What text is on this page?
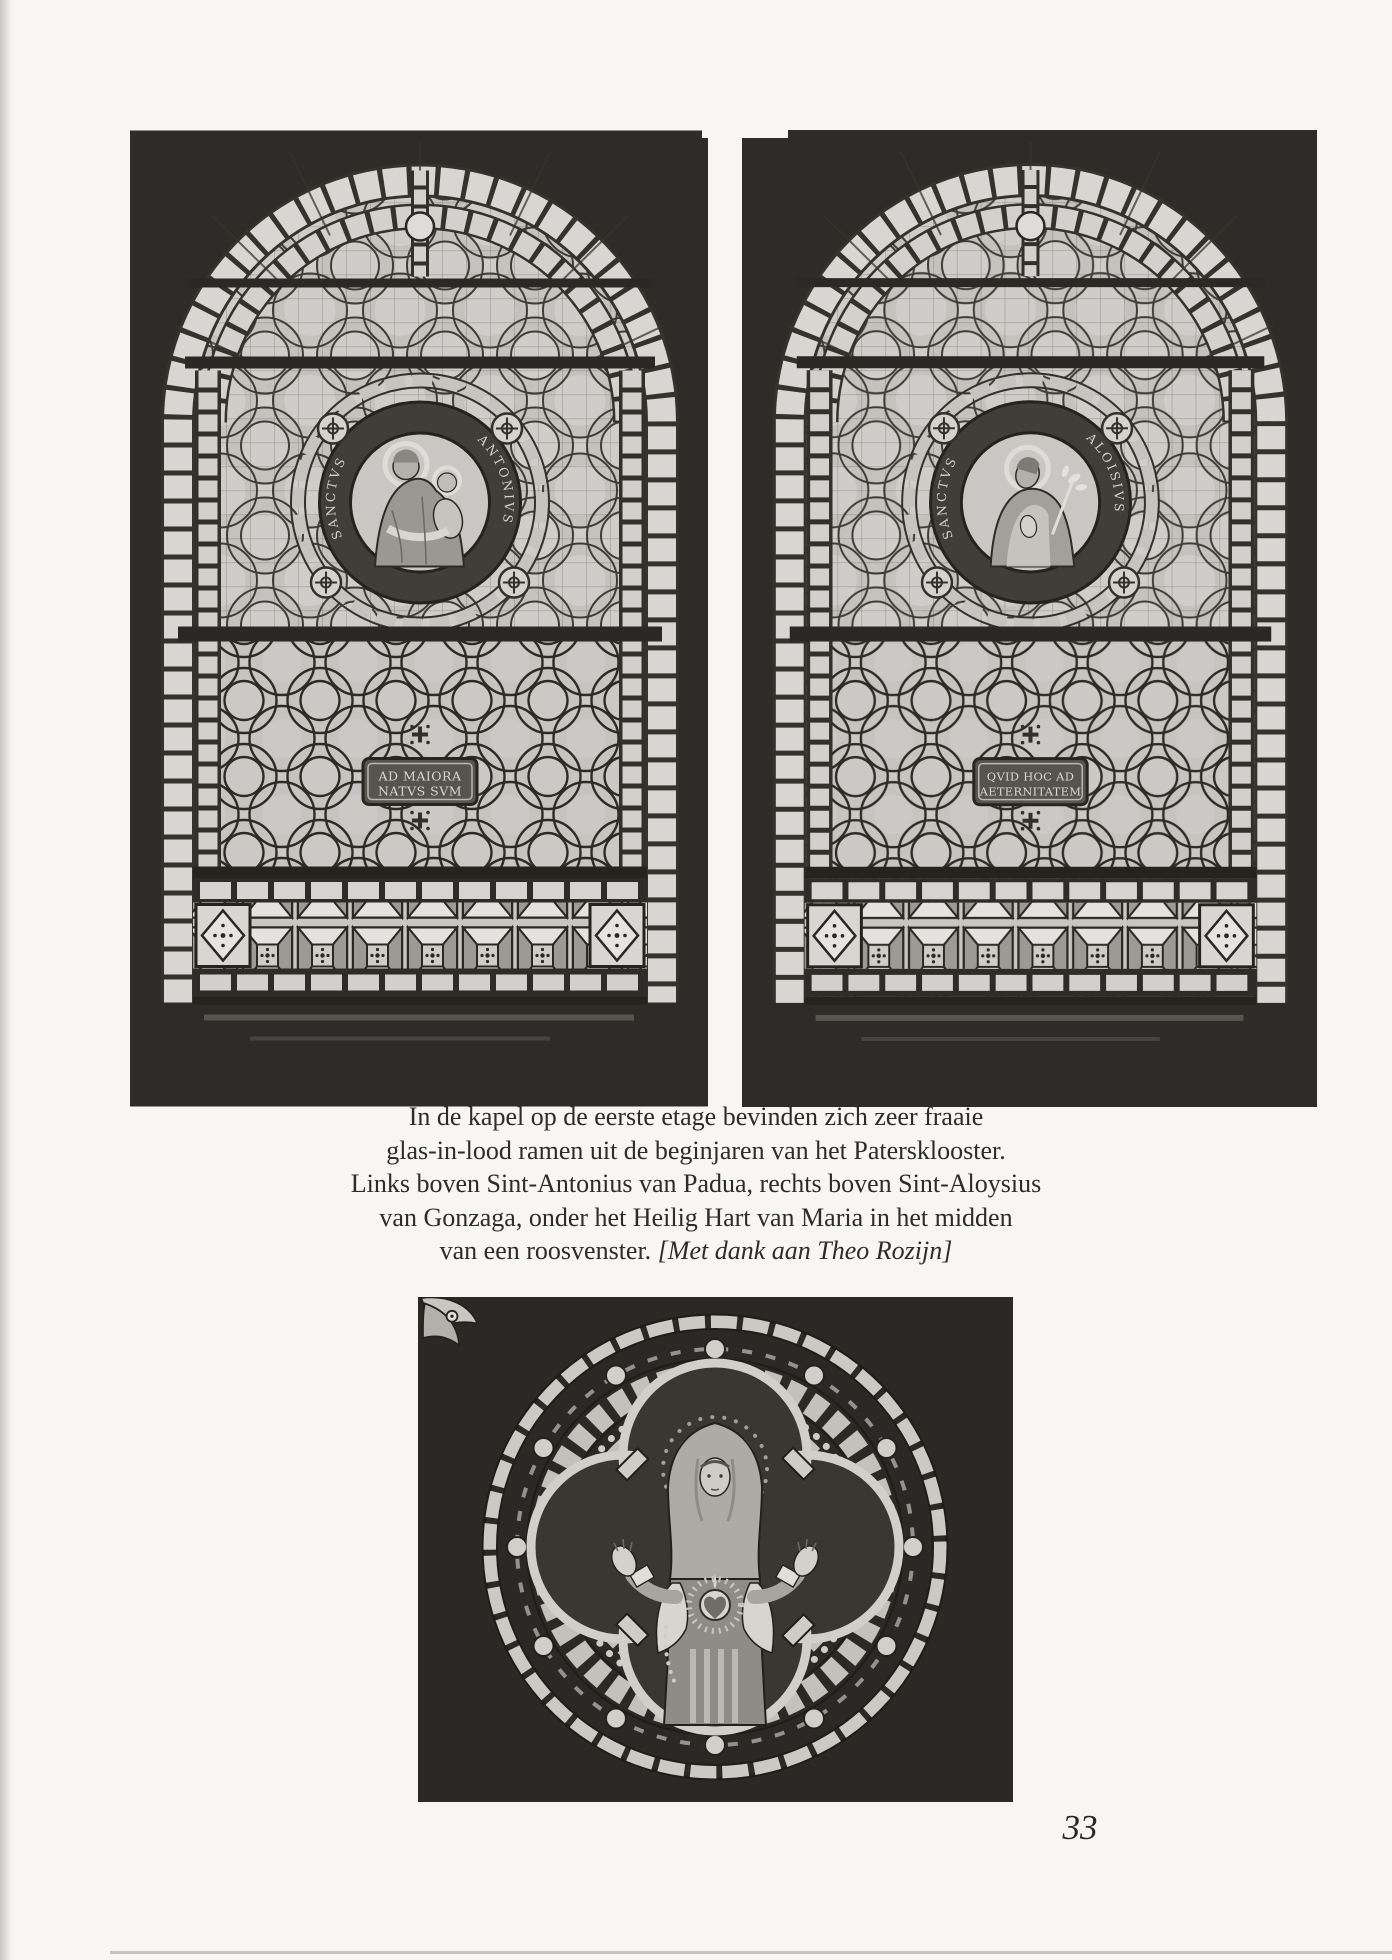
SANCTVS
ANTONIVS
AD MAIORA
NATVS SVM
SANCTVS
ALOISIVS
QVID HOC AD
AETERNITATEM
In de kapel op de eerste etage bevinden zich zeer fraaie
glas-in-lood ramen uit de beginjaren van het Patersklooster.
Links boven Sint-Antonius van Padua, rechts boven Sint-Aloysius
van Gonzaga, onder het Heilig Hart van Maria in het midden
van een roosvenster. [Met dank aan Theo Rozijn]
33
